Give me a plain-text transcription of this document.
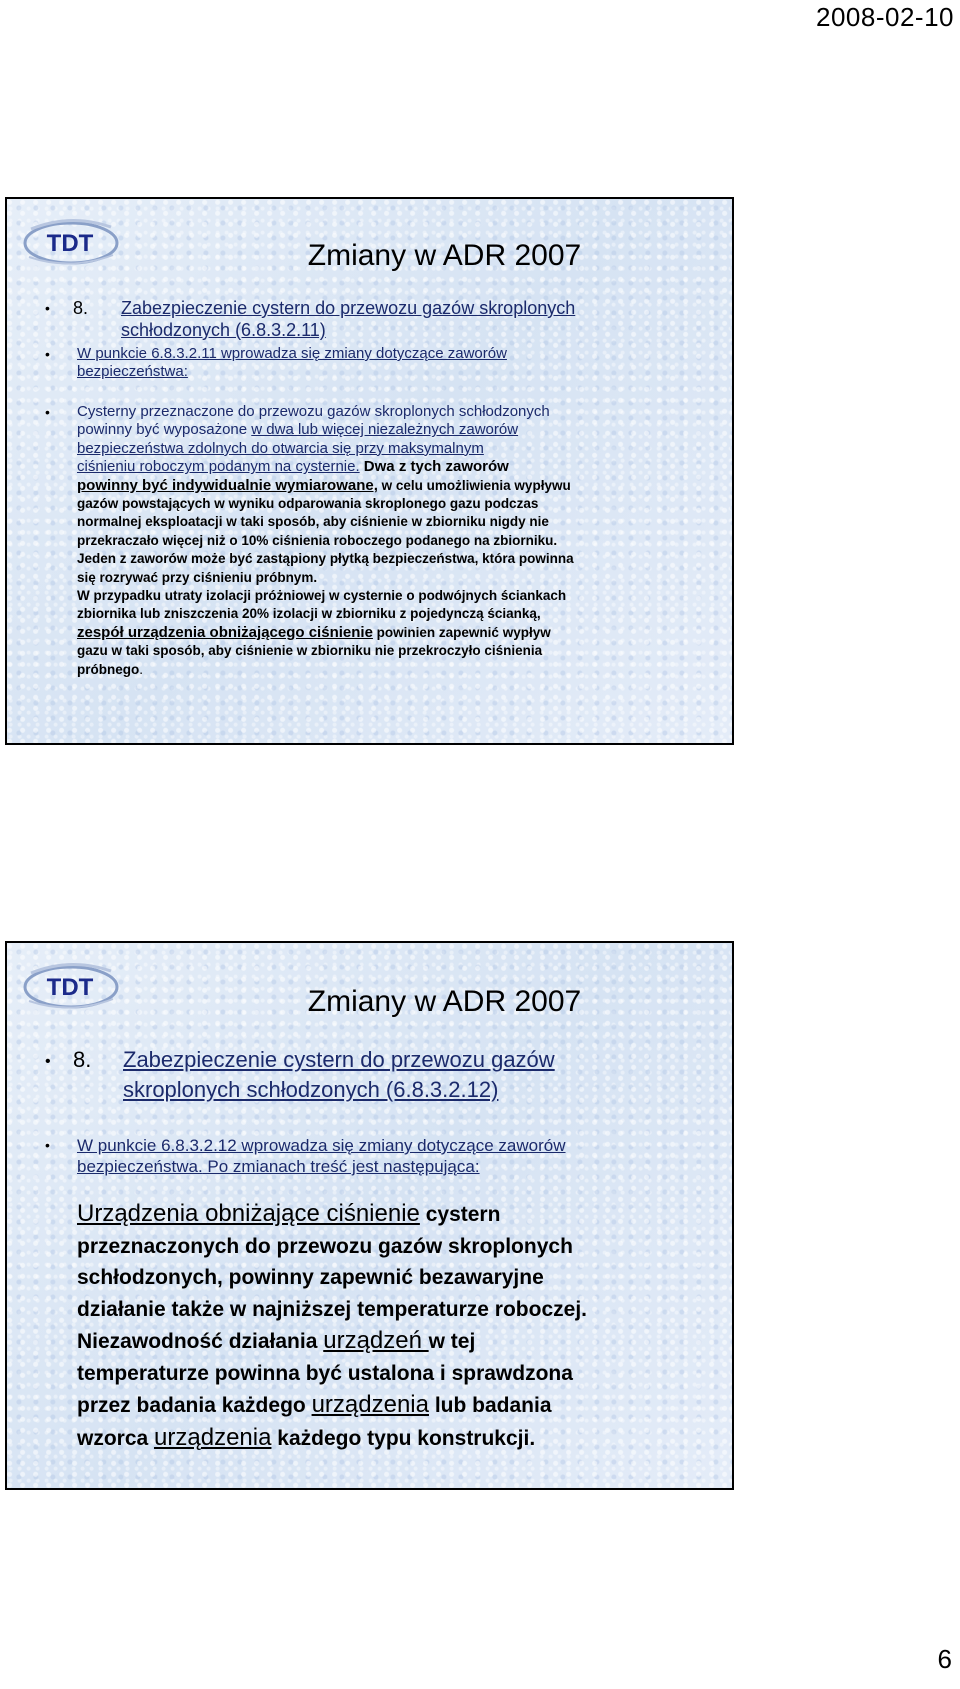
2008-02-10
TDT	Zmiany w ADR 2007
• 8.	Zabezpieczenie cystern do przewozu gazów skroplonych
schłodzonych (6.8.3.2.11)
• W punkcie 6.8.3.2.11 wprowadza się zmiany dotyczące zaworów
bezpieczeństwa:
• Cysterny przeznaczone do przewozu gazów skroplonych schłodzonych
powinny być wyposażone w dwa lub więcej niezależnych zaworów
bezpieczeństwa zdolnych do otwarcia się przy maksymalnym
ciśnieniu roboczym podanym na cysternie. Dwa z tych zaworów
powinny być indywidualnie wymiarowane, w celu umożliwienia wypływu
gazów powstających w wyniku odparowania skroplonego gazu podczas
normalnej eksploatacji w taki sposób, aby ciśnienie w zbiorniku nigdy nie
przekraczało więcej niż o 10% ciśnienia roboczego podanego na zbiorniku.
Jeden z zaworów może być zastąpiony płytką bezpieczeństwa, która powinna
się rozrywać przy ciśnieniu próbnym.
W przypadku utraty izolacji próżniowej w cysternie o podwójnych ściankach
zbiornika lub zniszczenia 20% izolacji w zbiorniku z pojedynczą ścianką,
zespół urządzenia obniżającego ciśnienie powinien zapewnić wypływ
gazu w taki sposób, aby ciśnienie w zbiorniku nie przekroczyło ciśnienia
próbnego.
TDT	Zmiany w ADR 2007
• 8.	Zabezpieczenie cystern do przewozu gazów
skroplonych schłodzonych (6.8.3.2.12)
• W punkcie 6.8.3.2.12 wprowadza się zmiany dotyczące zaworów
bezpieczeństwa. Po zmianach treść jest następująca:
Urządzenia obniżające ciśnienie cystern
przeznaczonych do przewozu gazów skroplonych
schłodzonych, powinny zapewnić bezawaryjne
działanie także w najniższej temperaturze roboczej.
Niezawodność działania urządzeń w tej
temperaturze powinna być ustalona i sprawdzona
przez badania każdego urządzenia lub badania
wzorca urządzenia każdego typu konstrukcji.
6
